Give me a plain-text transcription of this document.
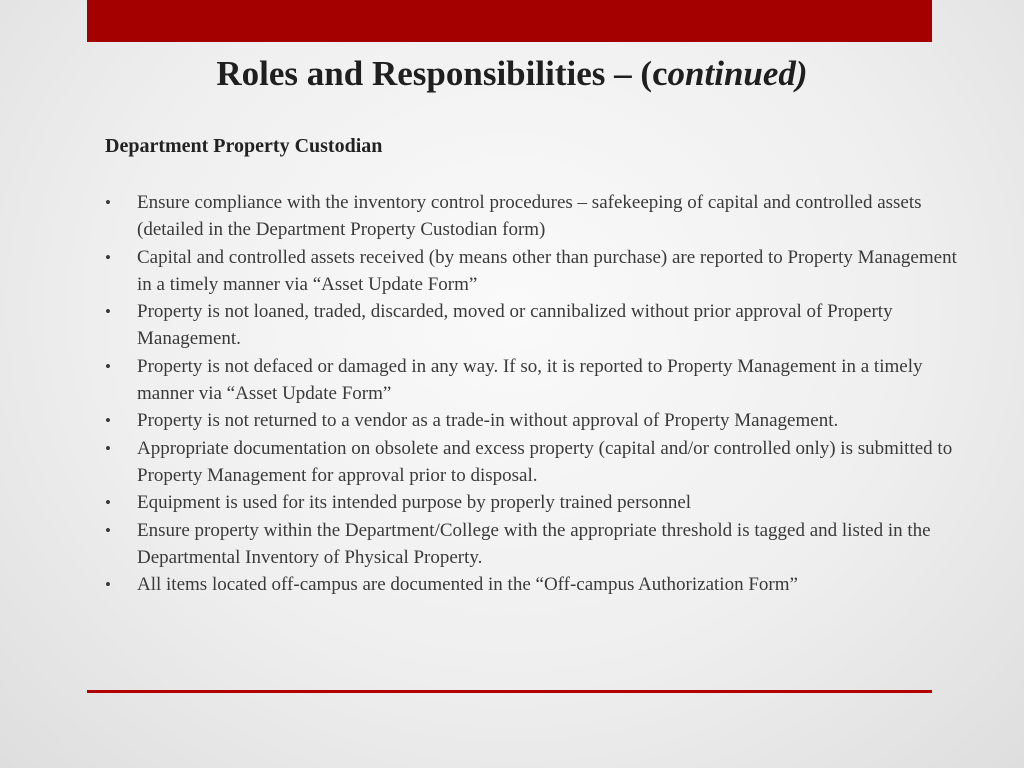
Roles and Responsibilities – (continued)
Department Property Custodian
•	Ensure compliance with the inventory control procedures – safekeeping of capital and controlled assets (detailed in the Department Property Custodian form)
•	Capital and controlled assets received (by means other than purchase) are reported to Property Management in a timely manner via “Asset Update Form”
•	Property is not loaned, traded, discarded, moved or cannibalized without prior approval of Property Management.
•	Property is not defaced or damaged in any way. If so, it is reported to Property Management in a timely manner via “Asset Update Form”
•	Property is not returned to a vendor as a trade-in without approval of Property Management.
•	Appropriate documentation on obsolete and excess property (capital and/or controlled only) is submitted to Property Management for approval prior to disposal.
•	Equipment is used for its intended purpose by properly trained personnel
•	Ensure property within the Department/College with the appropriate threshold is tagged and listed in the Departmental Inventory of Physical Property.
•	All items located off-campus are documented in the “Off-campus Authorization Form”
